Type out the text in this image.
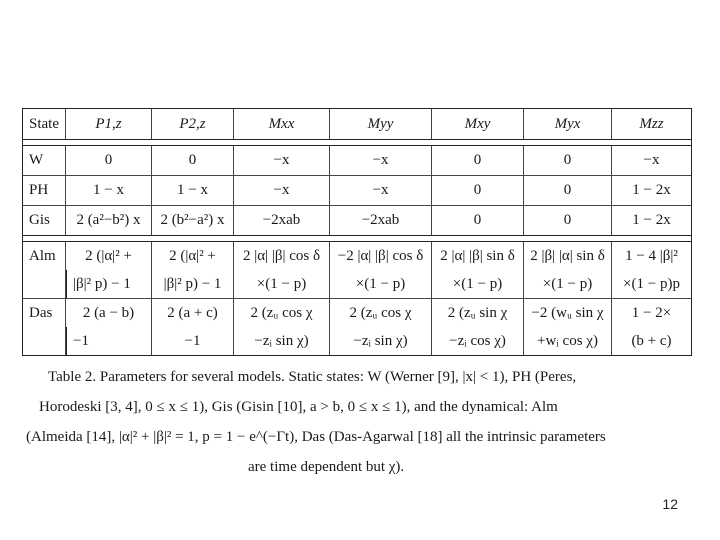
State	P1,z	P2,z	Mxx	Myy	Mxy	Myx	Mzz

W	0	0	−x	−x	0	0	−x
PH	1 − x	1 − x	−x	−x	0	0	1 − 2x
Gis	2 (a²−b²) x	2 (b²−a²) x	−2xab	−2xab	0	0	1 − 2x

Alm	2 (|α|² +	2 (|α|² +	2 |α| |β| cos δ	−2 |α| |β| cos δ	2 |α| |β| sin δ	2 |β| |α| sin δ	1 − 4 |β|²
	|β|² p) − 1	|β|² p) − 1	×(1 − p)	×(1 − p)	×(1 − p)	×(1 − p)	×(1 − p)p
Das	2 (a − b)	2 (a + c)	2 (zᵤ cos χ	2 (zᵤ cos χ	2 (zᵤ sin χ	−2 (wᵤ sin χ	1 − 2×
	−1	−1	−zᵢ sin χ)	−zᵢ sin χ)	−zᵢ cos χ)	+wᵢ cos χ)	(b + c)
Table 2. Parameters for several models. Static states: W (Werner [9], |x| < 1), PH (Peres,
Horodeski [3, 4], 0 ≤ x ≤ 1), Gis (Gisin [10], a > b, 0 ≤ x ≤ 1), and the dynamical: Alm
(Almeida [14], |α|² + |β|² = 1, p = 1 − e^(−Γt), Das (Das-Agarwal [18] all the intrinsic parameters
are time dependent but χ).
12
